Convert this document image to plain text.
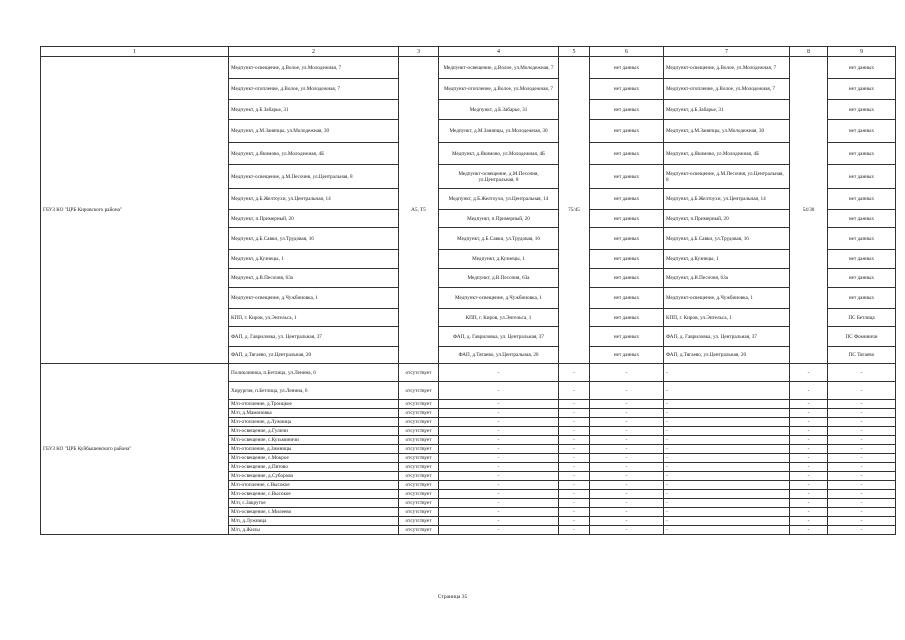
1	2	3	4	5	6	7	8	9
ГБУЗ КО "ЦРБ Кировского района"	Медпункт-освещение, д.Волое, ул.Молодежная, 7	А5, Т5	Медпункт-освещение, д.Волое, ул.Молодежная, 7	75/45	нет данных	Медпункт-освещение, д.Волое, ул.Молодежная, 7	54/30	нет данных
	Медпункт-отопление, д.Волое, ул.Молодежная, 7		Медпункт-отопление, д.Волое, ул.Молодежная, 7		нет данных	Медпункт-отопление, д.Волое, ул.Молодежная, 7		нет данных
	Медпункт, д.Б.Забарье, 31		Медпункт, д.Б.Забарье, 31		нет данных	Медпункт, д.Б.Забарье, 31		нет данных
	Медпункт, д.М.Заняпцы, ул.Молодежная, 30		Медпункт, д.М.Заняпцы, ул.Молодежная, 30		нет данных	Медпункт, д.М.Заняпцы, ул.Молодежная, 30		нет данных
	Медпункт, д.Якимово, ул.Молодежная, 4Б		Медпункт, д.Якимово, ул.Молодежная, 4Б		нет данных	Медпункт, д.Якимово, ул.Молодежная, 4Б		нет данных
	Медпункт-освещение, д.М.Песочня, ул.Центральная, 8		Медпункт-освещение, д.М.Песочня, ул.Центральная, 8		нет данных	Медпункт-освещение, д.М.Песочня, ул.Центральная, 8		нет данных
	Медпункт, д.Б.Желтоухи, ул.Центральная, 14		Медпункт, д.Б.Желтоухи, ул.Центральная, 14		нет данных	Медпункт, д.Б.Желтоухи, ул.Центральная, 14		нет данных
	Медпункт, п.Примерный, 20		Медпункт, п.Примерный, 20		нет данных	Медпункт, п.Примерный, 20		нет данных
	Медпункт, д.Б.Савки, ул.Трудовая, 16		Медпункт, д.Б.Савки, ул.Трудовая, 16		нет данных	Медпункт, д.Б.Савки, ул.Трудовая, 16		нет данных
	Медпункт, д.Кузнецы, 1		Медпункт, д.Кузнецы, 1		нет данных	Медпункт, д.Кузнецы, 1		нет данных
	Медпункт, д.В.Песочня, 63а		Медпункт, д.В.Песочня, 63а		нет данных	Медпункт, д.В.Песочня, 63а		нет данных
	Медпункт-освещение, д.Чужбиновка, 1		Медпункт-освещение, д.Чужбиновка, 1		нет данных	Медпункт-освещение, д.Чужбиновка, 1		нет данных
	КПП, г. Киров, ул.Энгельса, 1		КПП, г. Киров, ул.Энгельса, 1		нет данных	КПП, г. Киров, ул.Энгельса, 1		ПС Бетлица
	ФАП, д. Гавриловка, ул. Центральная, 37		ФАП, д. Гавриловка, ул. Центральная, 37		нет данных	ФАП, д. Гавриловка, ул. Центральная, 37		ПС Фоминичи
	ФАП, д.Тягаево, ул.Центральная, 20		ФАП, д.Тягаево, ул.Центральная, 20		нет данных	ФАП, д.Тягаево, ул.Центральная, 20		ПС Тягаево
ГБУЗ КО "ЦРБ Куйбышевского района"	Поликлиника, п.Бетлица, ул.Ленина, 6	отсутствует	-	-	-	-	-	-
	Хирургия, п.Бетлица, ул.Ленина, 6	отсутствует	-	-	-	-	-	-
	М/п-отопление, д.Троицкое	отсутствует	-	-	-	-	-	-
	М/п, д.Мамоновка	отсутствует	-	-	-	-	-	-
	М/п-отопление, д.Лужница	отсутствует	-	-	-	-	-	-
	М/п-освещение, д.Гуличи	отсутствует	-	-	-	-	-	-
	М/п-освещение, с.Кузьминичи	отсутствует	-	-	-	-	-	-
	М/п-отопление, д.Зимницы	отсутствует	-	-	-	-	-	-
	М/п-освещение, с.Мокрое	отсутствует	-	-	-	-	-	-
	М/п-освещение, д.Пятово	отсутствует	-	-	-	-	-	-
	М/п-освещение, д.Суборово	отсутствует	-	-	-	-	-	-
	М/п-отопление, с.Высокое	отсутствует	-	-	-	-	-	-
	М/п-освещение, с.Высокое	отсутствует	-	-	-	-	-	-
	М/п, с.Закрутое	отсутствует	-	-	-	-	-	-
	М/п-освещение, с.Милеево	отсутствует	-	-	-	-	-	-
	М/п, д.Лужница	отсутствует	-	-	-	-	-	-
	М/п, д.Жилы	отсутствует	-	-	-	-	-	-
Страница 35
